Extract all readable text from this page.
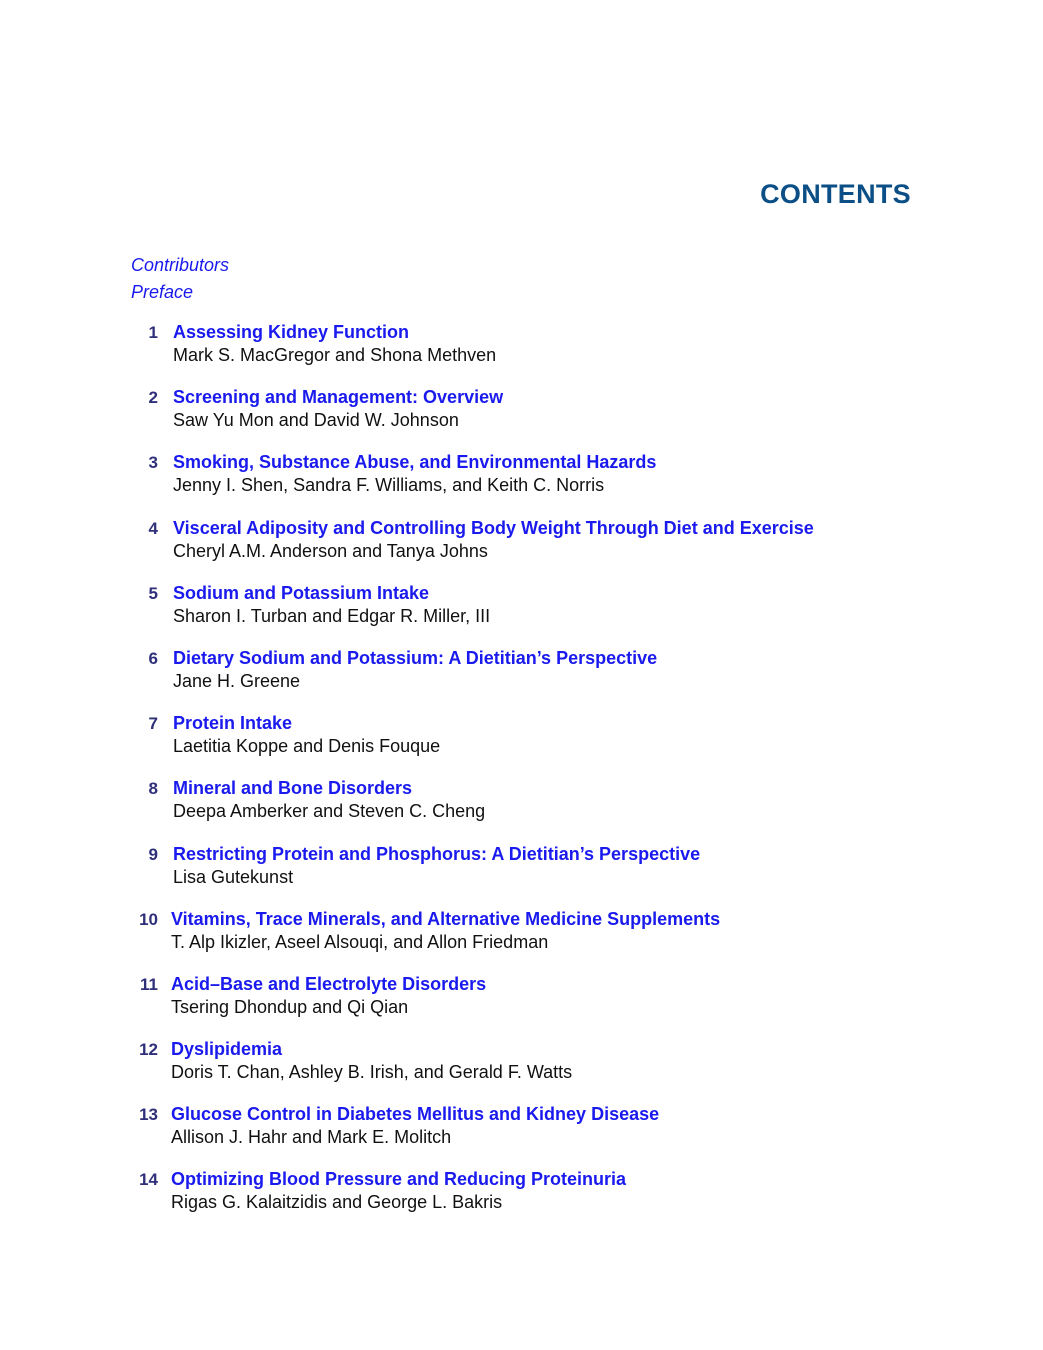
CONTENTS
Contributors
Preface
1 Assessing Kidney Function
Mark S. MacGregor and Shona Methven
2 Screening and Management: Overview
Saw Yu Mon and David W. Johnson
3 Smoking, Substance Abuse, and Environmental Hazards
Jenny I. Shen, Sandra F. Williams, and Keith C. Norris
4 Visceral Adiposity and Controlling Body Weight Through Diet and Exercise
Cheryl A.M. Anderson and Tanya Johns
5 Sodium and Potassium Intake
Sharon I. Turban and Edgar R. Miller, III
6 Dietary Sodium and Potassium: A Dietitian’s Perspective
Jane H. Greene
7 Protein Intake
Laetitia Koppe and Denis Fouque
8 Mineral and Bone Disorders
Deepa Amberker and Steven C. Cheng
9 Restricting Protein and Phosphorus: A Dietitian’s Perspective
Lisa Gutekunst
10 Vitamins, Trace Minerals, and Alternative Medicine Supplements
T. Alp Ikizler, Aseel Alsouqi, and Allon Friedman
11 Acid–Base and Electrolyte Disorders
Tsering Dhondup and Qi Qian
12 Dyslipidemia
Doris T. Chan, Ashley B. Irish, and Gerald F. Watts
13 Glucose Control in Diabetes Mellitus and Kidney Disease
Allison J. Hahr and Mark E. Molitch
14 Optimizing Blood Pressure and Reducing Proteinuria
Rigas G. Kalaitzidis and George L. Bakris
